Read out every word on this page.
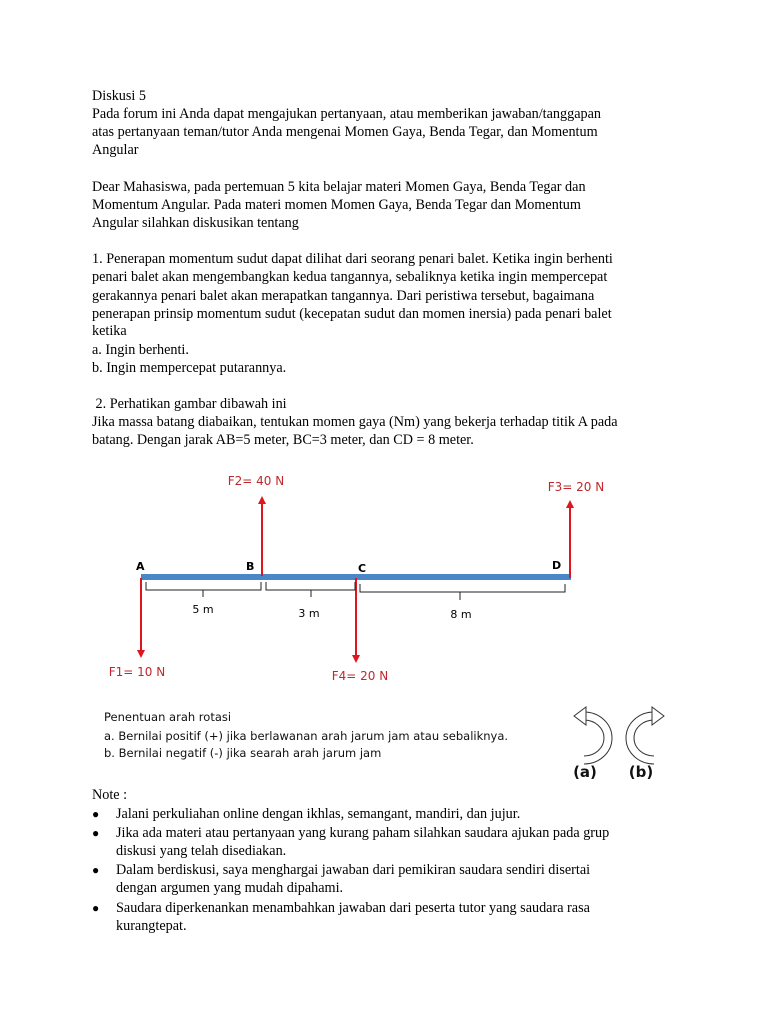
Diskusi 5
Pada forum ini Anda dapat mengajukan pertanyaan, atau memberikan jawaban/tanggapan
atas pertanyaan teman/tutor Anda mengenai Momen Gaya, Benda Tegar, dan Momentum
Angular
Dear Mahasiswa, pada pertemuan 5 kita belajar materi Momen Gaya, Benda Tegar dan
Momentum Angular. Pada materi momen Momen Gaya, Benda Tegar dan Momentum
Angular silahkan diskusikan tentang
1. Penerapan momentum sudut dapat dilihat dari seorang penari balet. Ketika ingin berhenti
penari balet akan mengembangkan kedua tangannya, sebaliknya ketika ingin mempercepat
gerakannya penari balet akan merapatkan tangannya. Dari peristiwa tersebut, bagaimana
penerapan prinsip momentum sudut (kecepatan sudut dan momen inersia) pada penari balet
ketika
a. Ingin berhenti.
b. Ingin mempercepat putarannya.
2. Perhatikan gambar dibawah ini
Jika massa batang diabaikan, tentukan momen gaya (Nm) yang bekerja terhadap titik A pada
batang. Dengan jarak AB=5 meter, BC=3 meter, dan CD = 8 meter.
A	B	C	D
F2= 40 N	F3= 20 N
F1= 10 N	F4= 20 N
5 m	3 m	8 m
Penentuan arah rotasi
a. Bernilai positif (+) jika berlawanan arah jarum jam atau sebaliknya.
b. Bernilai negatif (-) jika searah arah jarum jam
(a) (b)
Note :
● Jalani perkuliahan online dengan ikhlas, semangant, mandiri, dan jujur.
● Jika ada materi atau pertanyaan yang kurang paham silahkan saudara ajukan pada grup
diskusi yang telah disediakan.
● Dalam berdiskusi, saya menghargai jawaban dari pemikiran saudara sendiri disertai
dengan argumen yang mudah dipahami.
● Saudara diperkenankan menambahkan jawaban dari peserta tutor yang saudara rasa
kurangtepat.
